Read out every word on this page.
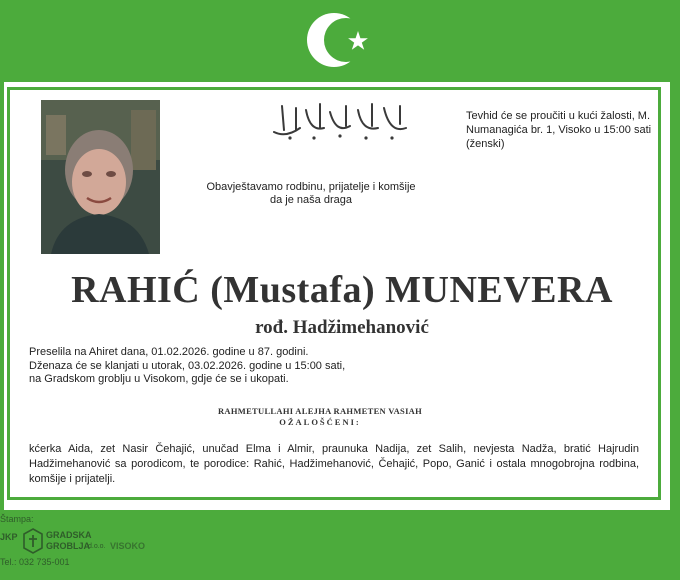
Tevhid će se proučiti u kući žalosti, M. Numanagića br. 1, Visoko u 15:00 sati (ženski)
Obavještavamo rodbinu, prijatelje i komšije da je naša draga
RAHIĆ (Mustafa) MUNEVERA
rođ. Hadžimehanović
Preselila na Ahiret dana, 01.02.2026. godine u 87. godini.
Dženaza će se klanjati u utorak, 03.02.2026. godine u 15:00 sati,
na Gradskom groblju u Visokom, gdje će se i ukopati.
RAHMETULLAHI ALEJHA RAHMETEN VASIAH
OŽALOŠĆENI:
kćerka Aida, zet Nasir Čehajić, unučad Elma i Almir, praunuka Nadija, zet Salih, nevjesta Nadža, bratić Hajrudin Hadžimehanović sa porodicom, te porodice: Rahić, Hadžimehanović, Čehajić, Popo, Ganić i ostala mnogobrojna rodbina, komšije i prijatelji.
Štampa:
JKP	GRADSKA
GROBLJA
d.o.o. VISOKO
Tel.: 032 735-001
